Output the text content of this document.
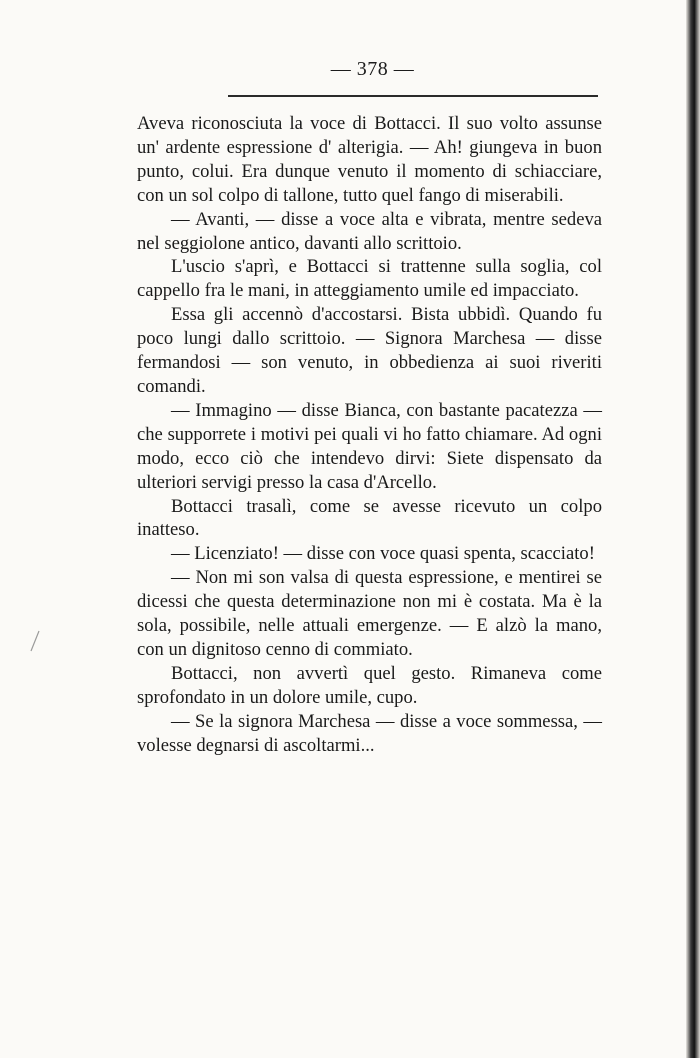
— 378 —

Aveva riconosciuta la voce di Bottacci. Il suo volto assunse un' ardente espressione d' alterigia. — Ah! giungeva in buon punto, colui. Era dunque venuto il momento di schiacciare, con un sol colpo di tallone, tutto quel fango di miserabili.

— Avanti, — disse a voce alta e vibrata, mentre sedeva nel seggiolone antico, davanti allo scrittoio.

L'uscio s'aprì, e Bottacci si trattenne sulla soglia, col cappello fra le mani, in atteggiamento umile ed impacciato.

Essa gli accennò d'accostarsi. Bista ubbidì. Quando fu poco lungi dallo scrittoio. — Signora Marchesa — disse fermandosi — son venuto, in obbedienza ai suoi riveriti comandi.

— Immagino — disse Bianca, con bastante pacatezza — che supporrete i motivi pei quali vi ho fatto chiamare. Ad ogni modo, ecco ciò che intendevo dirvi: Siete dispensato da ulteriori servigi presso la casa d'Arcello.

Bottacci trasalì, come se avesse ricevuto un colpo inatteso.

— Licenziato! — disse con voce quasi spenta, scacciato!

— Non mi son valsa di questa espressione, e mentirei se dicessi che questa determinazione non mi è costata. Ma è la sola, possibile, nelle attuali emergenze. — E alzò la mano, con un dignitoso cenno di commiato.

Bottacci, non avvertì quel gesto. Rimaneva come sprofondato in un dolore umile, cupo.

— Se la signora Marchesa — disse a voce sommessa, — volesse degnarsi di ascoltarmi...
